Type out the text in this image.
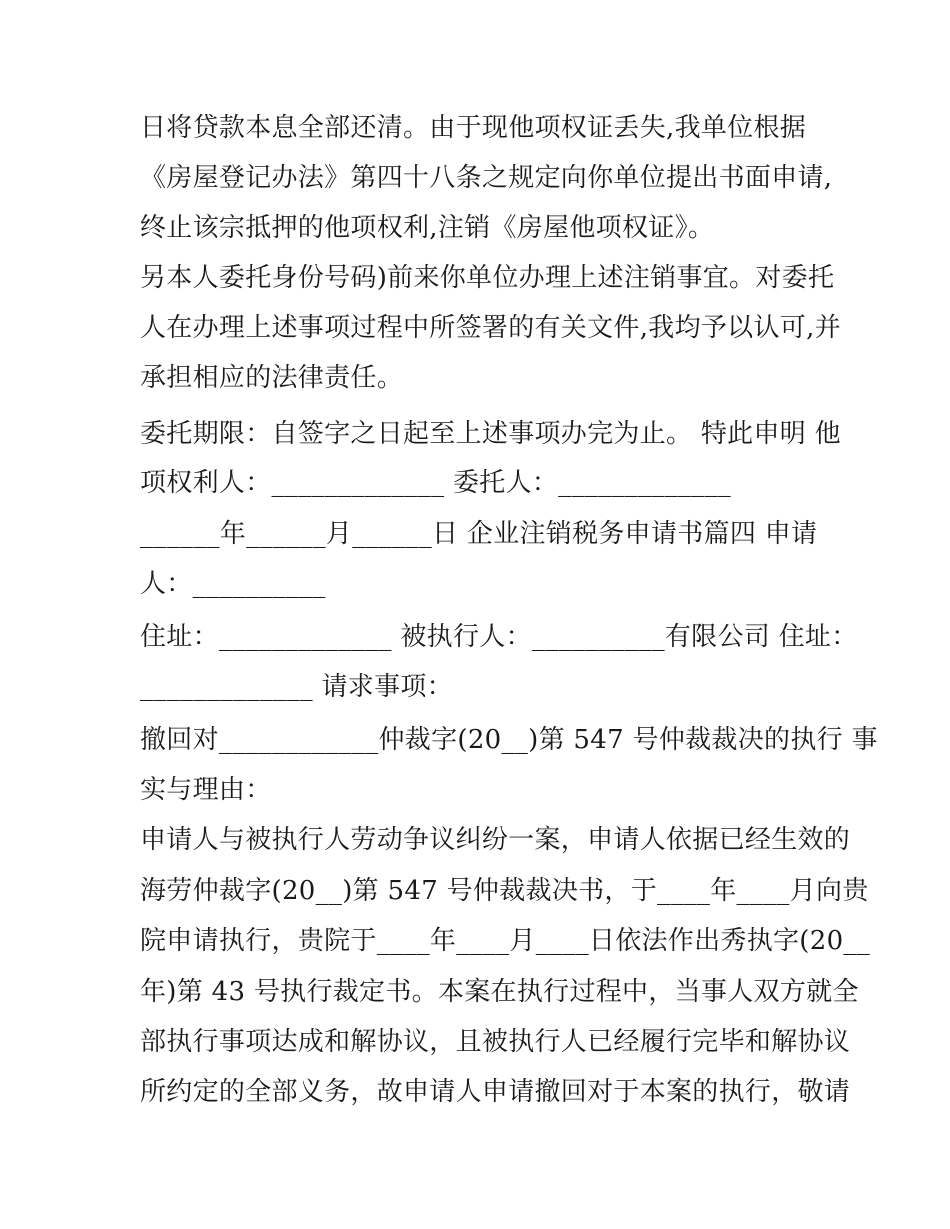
日将贷款本息全部还清。由于现他项权证丢失,我单位根据
《房屋登记办法》第四十八条之规定向你单位提出书面申请,
终止该宗抵押的他项权利,注销《房屋他项权证》。
另本人委托身份号码)前来你单位办理上述注销事宜。对委托
人在办理上述事项过程中所签署的有关文件,我均予以认可,并
承担相应的法律责任。
委托期限：自签字之日起至上述事项办完为止。 特此申明 他
项权利人：_____________ 委托人：_____________
______年______月______日 企业注销税务申请书篇四 申请
人：__________
住址：_____________ 被执行人：__________有限公司 住址：
_____________ 请求事项：
撤回对____________仲裁字(20__)第 547 号仲裁裁决的执行 事
实与理由：
申请人与被执行人劳动争议纠纷一案，申请人依据已经生效的
海劳仲裁字(20__)第 547 号仲裁裁决书，于____年____月向贵
院申请执行，贵院于____年____月____日依法作出秀执字(20__
年)第 43 号执行裁定书。本案在执行过程中，当事人双方就全
部执行事项达成和解协议，且被执行人已经履行完毕和解协议
所约定的全部义务，故申请人申请撤回对于本案的执行，敬请
